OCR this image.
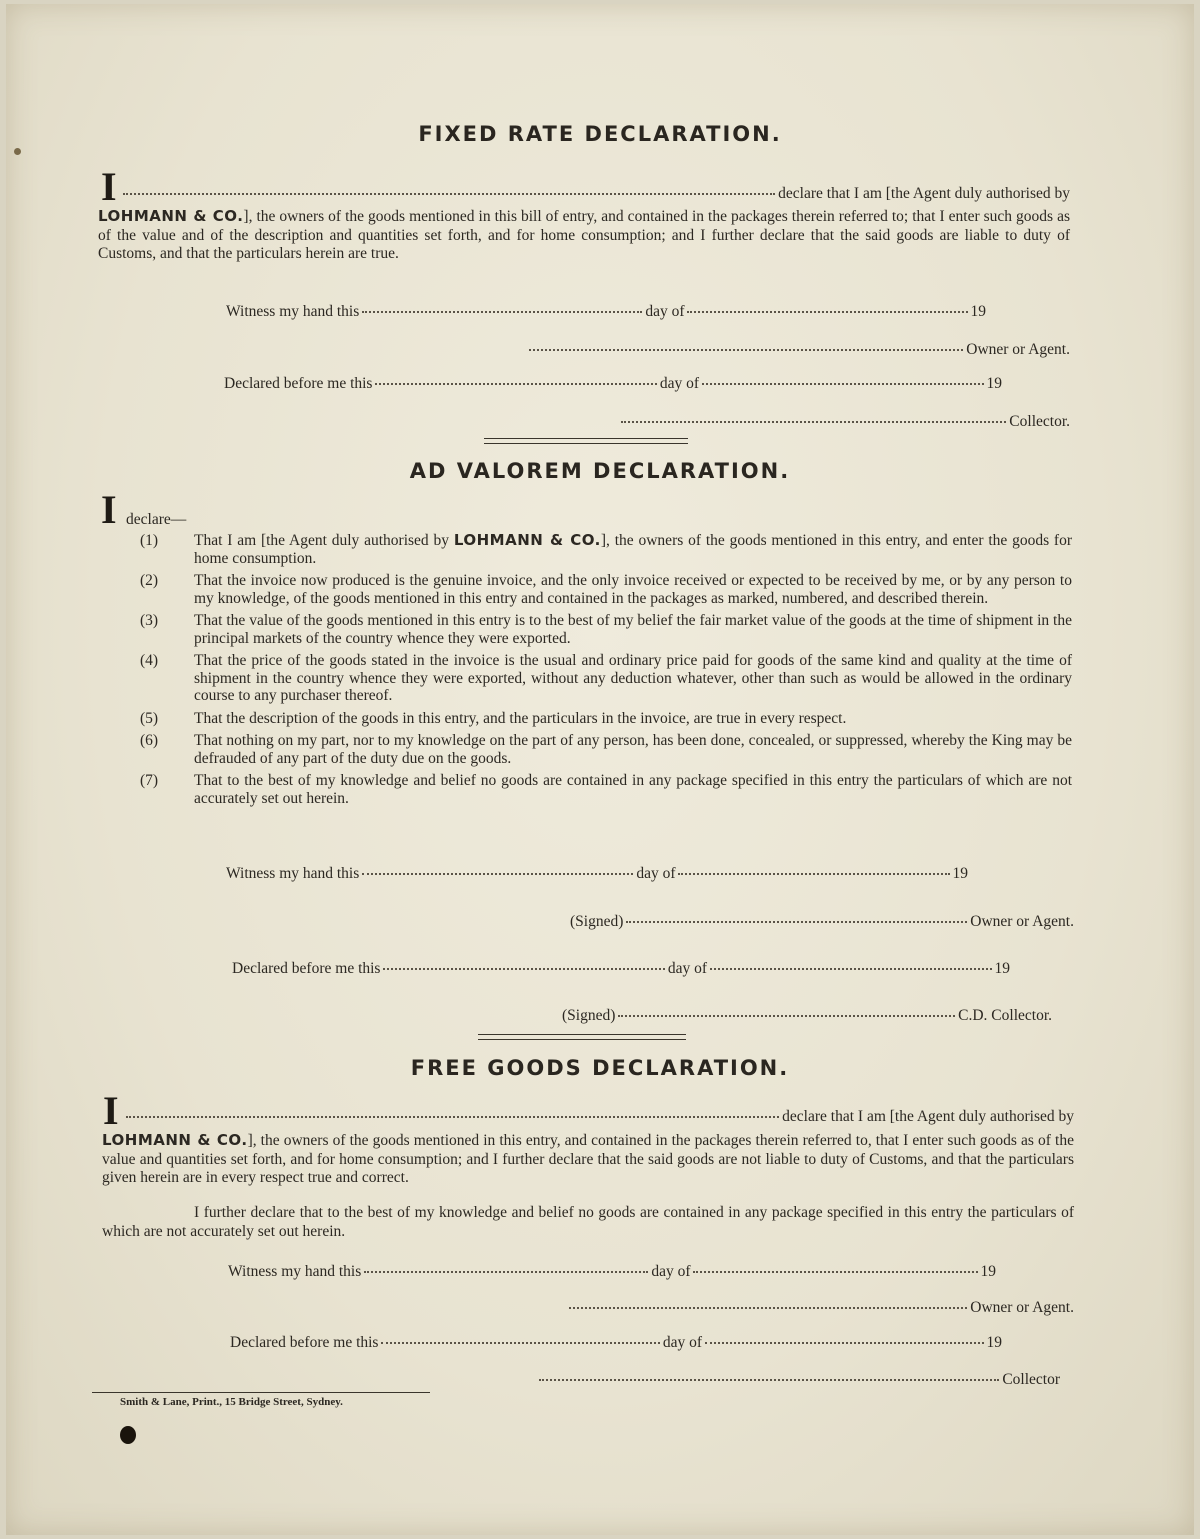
FIXED RATE DECLARATION.
I	declare that I am [the Agent duly authorised by

LOHMANN & CO.], the owners of the goods mentioned in this bill of entry, and contained in the packages therein referred to; that I enter such goods as of the value and of the description and quantities set forth, and for home consumption; and I further declare that the said goods are liable to duty of Customs, and that the particulars herein are true.

Witness my hand this	day of	19
Owner or Agent.
Declared before me this	day of	19
Collector.
AD VALOREM DECLARATION.
I declare—
(1)	That I am [the Agent duly authorised by LOHMANN & CO.], the owners of the goods mentioned in this entry, and enter the goods for home consumption.
(2)	That the invoice now produced is the genuine invoice, and the only invoice received or expected to be received by me, or by any person to my knowledge, of the goods mentioned in this entry and contained in the packages as marked, numbered, and described therein.
(3)	That the value of the goods mentioned in this entry is to the best of my belief the fair market value of the goods at the time of shipment in the principal markets of the country whence they were exported.
(4)	That the price of the goods stated in the invoice is the usual and ordinary price paid for goods of the same kind and quality at the time of shipment in the country whence they were exported, without any deduction whatever, other than such as would be allowed in the ordinary course to any purchaser thereof.
(5)	That the description of the goods in this entry, and the particulars in the invoice, are true in every respect.
(6)	That nothing on my part, nor to my knowledge on the part of any person, has been done, concealed, or suppressed, whereby the King may be defrauded of any part of the duty due on the goods.
(7)	That to the best of my knowledge and belief no goods are contained in any package specified in this entry the particulars of which are not accurately set out herein.
Witness my hand this	day of	19
(Signed)	Owner or Agent.
Declared before me this	day of	19
(Signed)	C.D. Collector.
FREE GOODS DECLARATION.
I	declare that I am [the Agent duly authorised by

LOHMANN & CO.], the owners of the goods mentioned in this entry, and contained in the packages therein referred to, that I enter such goods as of the value and quantities set forth, and for home consumption; and I further declare that the said goods are not liable to duty of Customs, and that the particulars given herein are in every respect true and correct.

I further declare that to the best of my knowledge and belief no goods are contained in any package specified in this entry the particulars of which are not accurately set out herein.

Witness my hand this	day of	19
Owner or Agent.
Declared before me this	day of	19
Collector
Smith & Lane, Print., 15 Bridge Street, Sydney.
